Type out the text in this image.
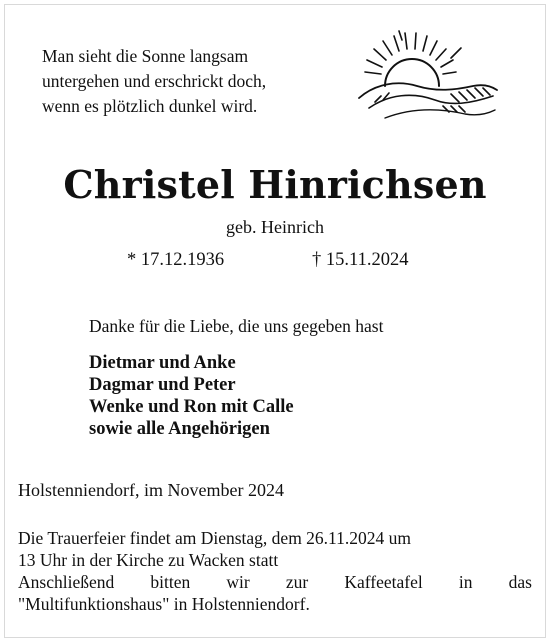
Man sieht die Sonne langsam
untergehen und erschrickt doch,
wenn es plötzlich dunkel wird.
Christel Hinrichsen
geb. Heinrich
* 17.12.1936	† 15.11.2024
Danke für die Liebe, die uns gegeben hast
Dietmar und Anke
Dagmar und Peter
Wenke und Ron mit Calle
sowie alle Angehörigen
Holstenniendorf, im November 2024
Die Trauerfeier findet am Dienstag, dem 26.11.2024 um
13 Uhr in der Kirche zu Wacken statt
Anschließend bitten wir zur Kaffeetafel in das
"Multifunktionshaus" in Holstenniendorf.
